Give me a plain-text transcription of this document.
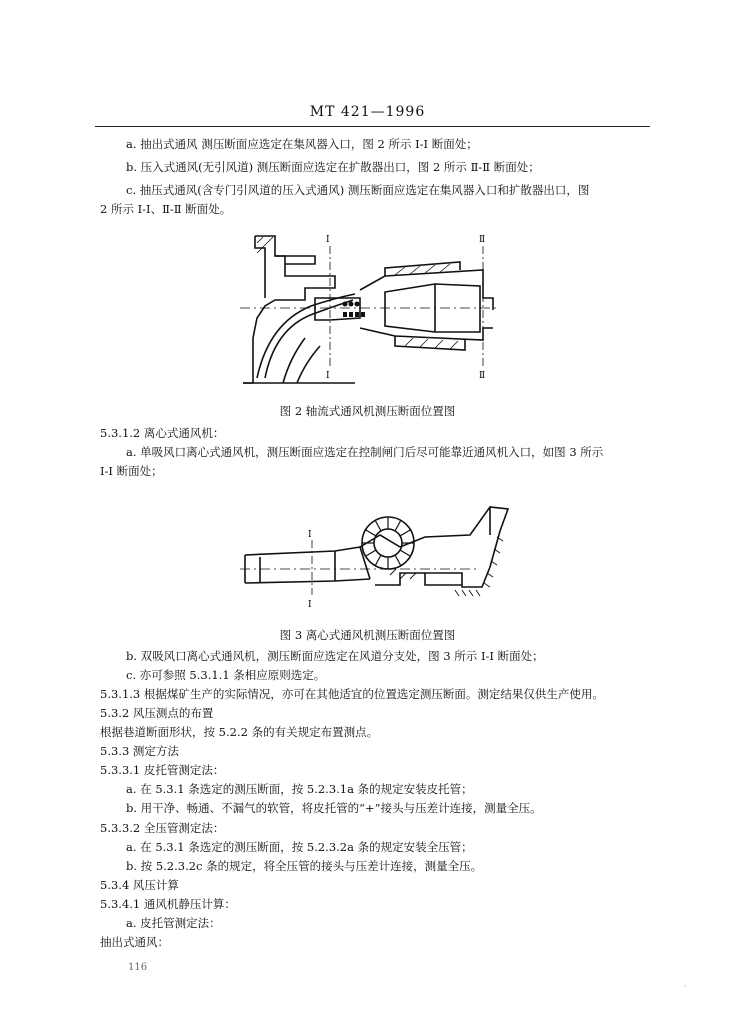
MT 421—1996
a. 抽出式通风 测压断面应选定在集风器入口，图 2 所示 Ⅰ-Ⅰ 断面处；
b. 压入式通风(无引风道) 测压断面应选定在扩散器出口，图 2 所示 Ⅱ-Ⅱ 断面处；
c. 抽压式通风(含专门引风道的压入式通风) 测压断面应选定在集风器入口和扩散器出口，图
2 所示 Ⅰ-Ⅰ、Ⅱ-Ⅱ 断面处。
Ⅰ
Ⅰ
Ⅱ
Ⅱ
图 2 轴流式通风机测压断面位置图
5.3.1.2 离心式通风机：
a. 单吸风口离心式通风机，测压断面应选定在控制闸门后尽可能靠近通风机入口，如图 3 所示
Ⅰ-Ⅰ 断面处；
Ⅰ
Ⅰ
图 3 离心式通风机测压断面位置图
b. 双吸风口离心式通风机，测压断面应选定在风道分支处，图 3 所示 Ⅰ-Ⅰ 断面处；
c. 亦可参照 5.3.1.1 条相应原则选定。
5.3.1.3 根据煤矿生产的实际情况，亦可在其他适宜的位置选定测压断面。测定结果仅供生产使用。
5.3.2 风压测点的布置
根据巷道断面形状，按 5.2.2 条的有关规定布置测点。
5.3.3 测定方法
5.3.3.1 皮托管测定法：
a. 在 5.3.1 条选定的测压断面，按 5.2.3.1a 条的规定安装皮托管；
b. 用干净、畅通、不漏气的软管，将皮托管的“+”接头与压差计连接，测量全压。
5.3.3.2 全压管测定法：
a. 在 5.3.1 条选定的测压断面，按 5.2.3.2a 条的规定安装全压管；
b. 按 5.2.3.2c 条的规定，将全压管的接头与压差计连接，测量全压。
5.3.4 风压计算
5.3.4.1 通风机静压计算：
a. 皮托管测定法：
抽出式通风：
116
·
